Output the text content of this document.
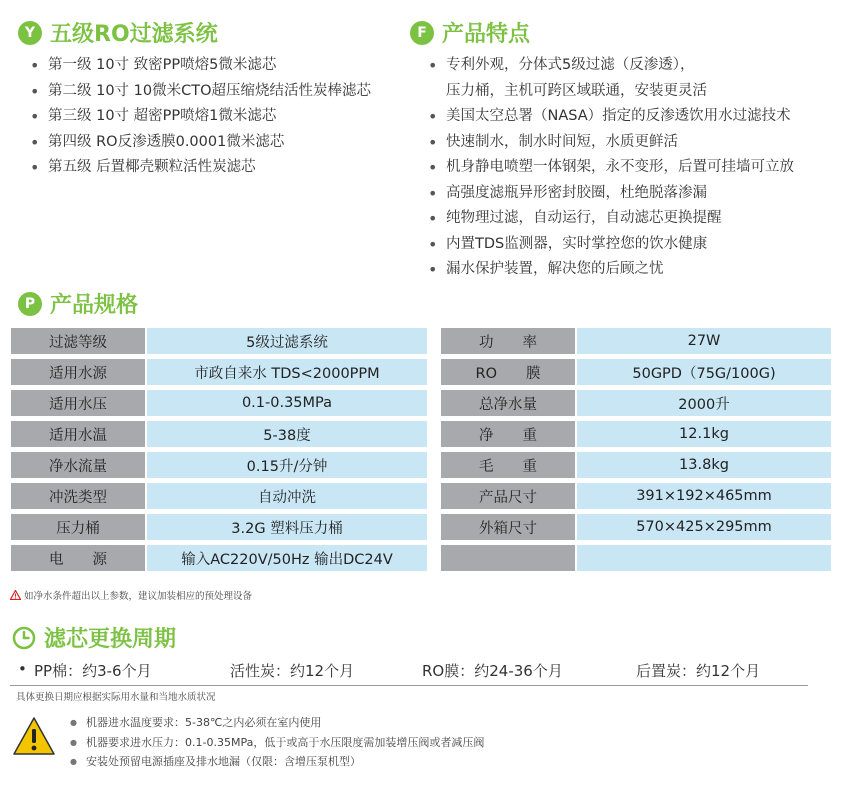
Y 五级RO过滤系统
• 第一级 10寸 致密PP喷熔5微米滤芯
• 第二级 10寸 10微米CTO超压缩烧结活性炭棒滤芯
• 第三级 10寸 超密PP喷熔1微米滤芯
• 第四级 RO反渗透膜0.0001微米滤芯
• 第五级 后置椰壳颗粒活性炭滤芯
F 产品特点
• 专利外观，分体式5级过滤（反渗透），
压力桶，主机可跨区域联通，安装更灵活
• 美国太空总署（NASA）指定的反渗透饮用水过滤技术
• 快速制水，制水时间短，水质更鲜活
• 机身静电喷塑一体钢架，永不变形，后置可挂墙可立放
• 高强度滤瓶异形密封胶圈，杜绝脱落渗漏
• 纯物理过滤，自动运行，自动滤芯更换提醒
• 内置TDS监测器，实时掌控您的饮水健康
• 漏水保护装置，解决您的后顾之忧
P 产品规格
过滤等级	5级过滤系统	功　　率	27W
适用水源	市政自来水 TDS<2000PPM	RO　　膜	50GPD（75G/100G)
适用水压	0.1-0.35MPa	总净水量	2000升
适用水温	5-38度	净　　重	12.1kg
净水流量	0.15升/分钟	毛　　重	13.8kg
冲洗类型	自动冲洗	产品尺寸	391×192×465mm
压力桶	3.2G 塑料压力桶	外箱尺寸	570×425×295mm
电　　源	输入AC220V/50Hz 输出DC24V
如净水条件超出以上参数，建议加装相应的预处理设备
滤芯更换周期
• PP棉：约3-6个月	活性炭：约12个月	RO膜：约24-36个月	后置炭：约12个月
具体更换日期应根据实际用水量和当地水质状况
● 机器进水温度要求：5-38℃之内必须在室内使用
● 机器要求进水压力：0.1-0.35MPa，低于或高于水压限度需加装增压阀或者减压阀
● 安装处预留电源插座及排水地漏（仅限：含增压泵机型）
